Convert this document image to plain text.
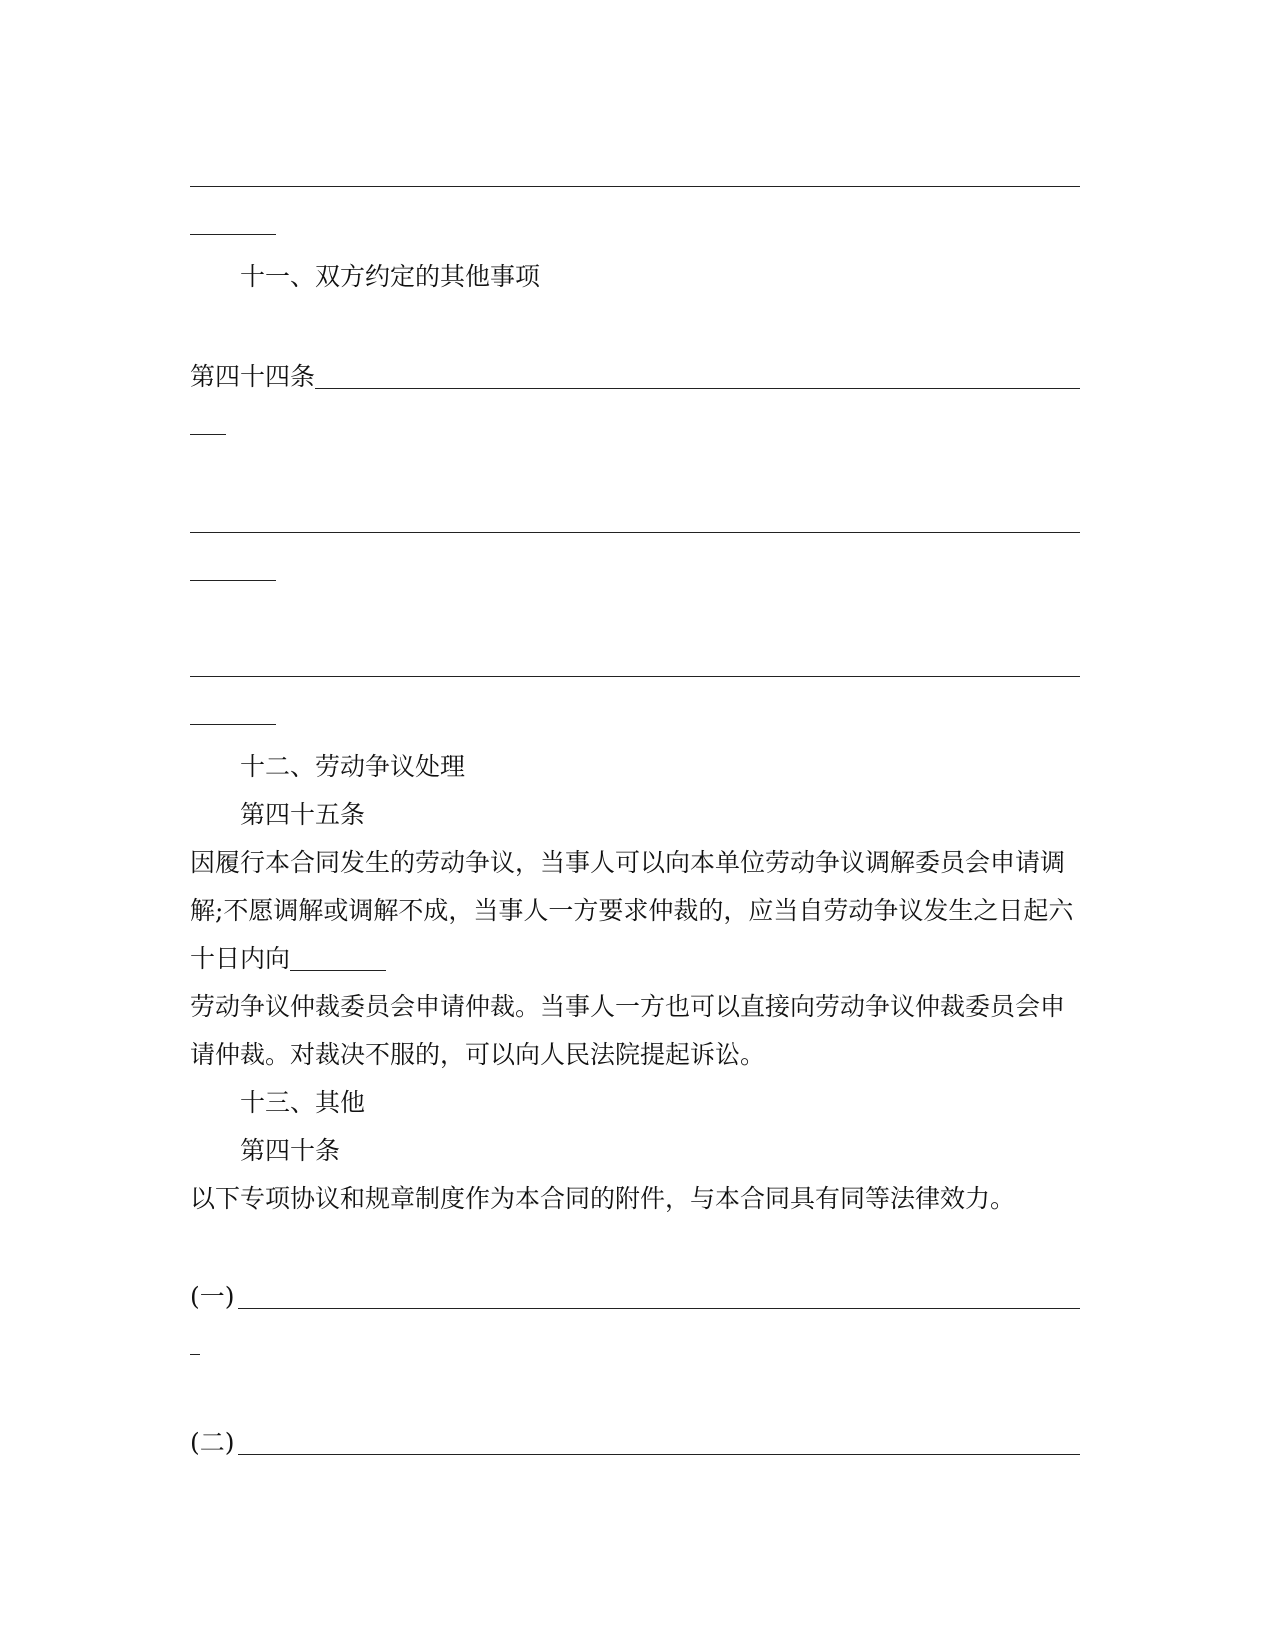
十一、双方约定的其他事项
第四十四条
十二、劳动争议处理
第四十五条
因履行本合同发生的劳动争议，当事人可以向本单位劳动争议调解委员会申请调
解;不愿调解或调解不成，当事人一方要求仲裁的，应当自劳动争议发生之日起六
十日内向
劳动争议仲裁委员会申请仲裁。当事人一方也可以直接向劳动争议仲裁委员会申
请仲裁。对裁决不服的，可以向人民法院提起诉讼。
十三、其他
第四十条
以下专项协议和规章制度作为本合同的附件，与本合同具有同等法律效力。
(一)
(二)
